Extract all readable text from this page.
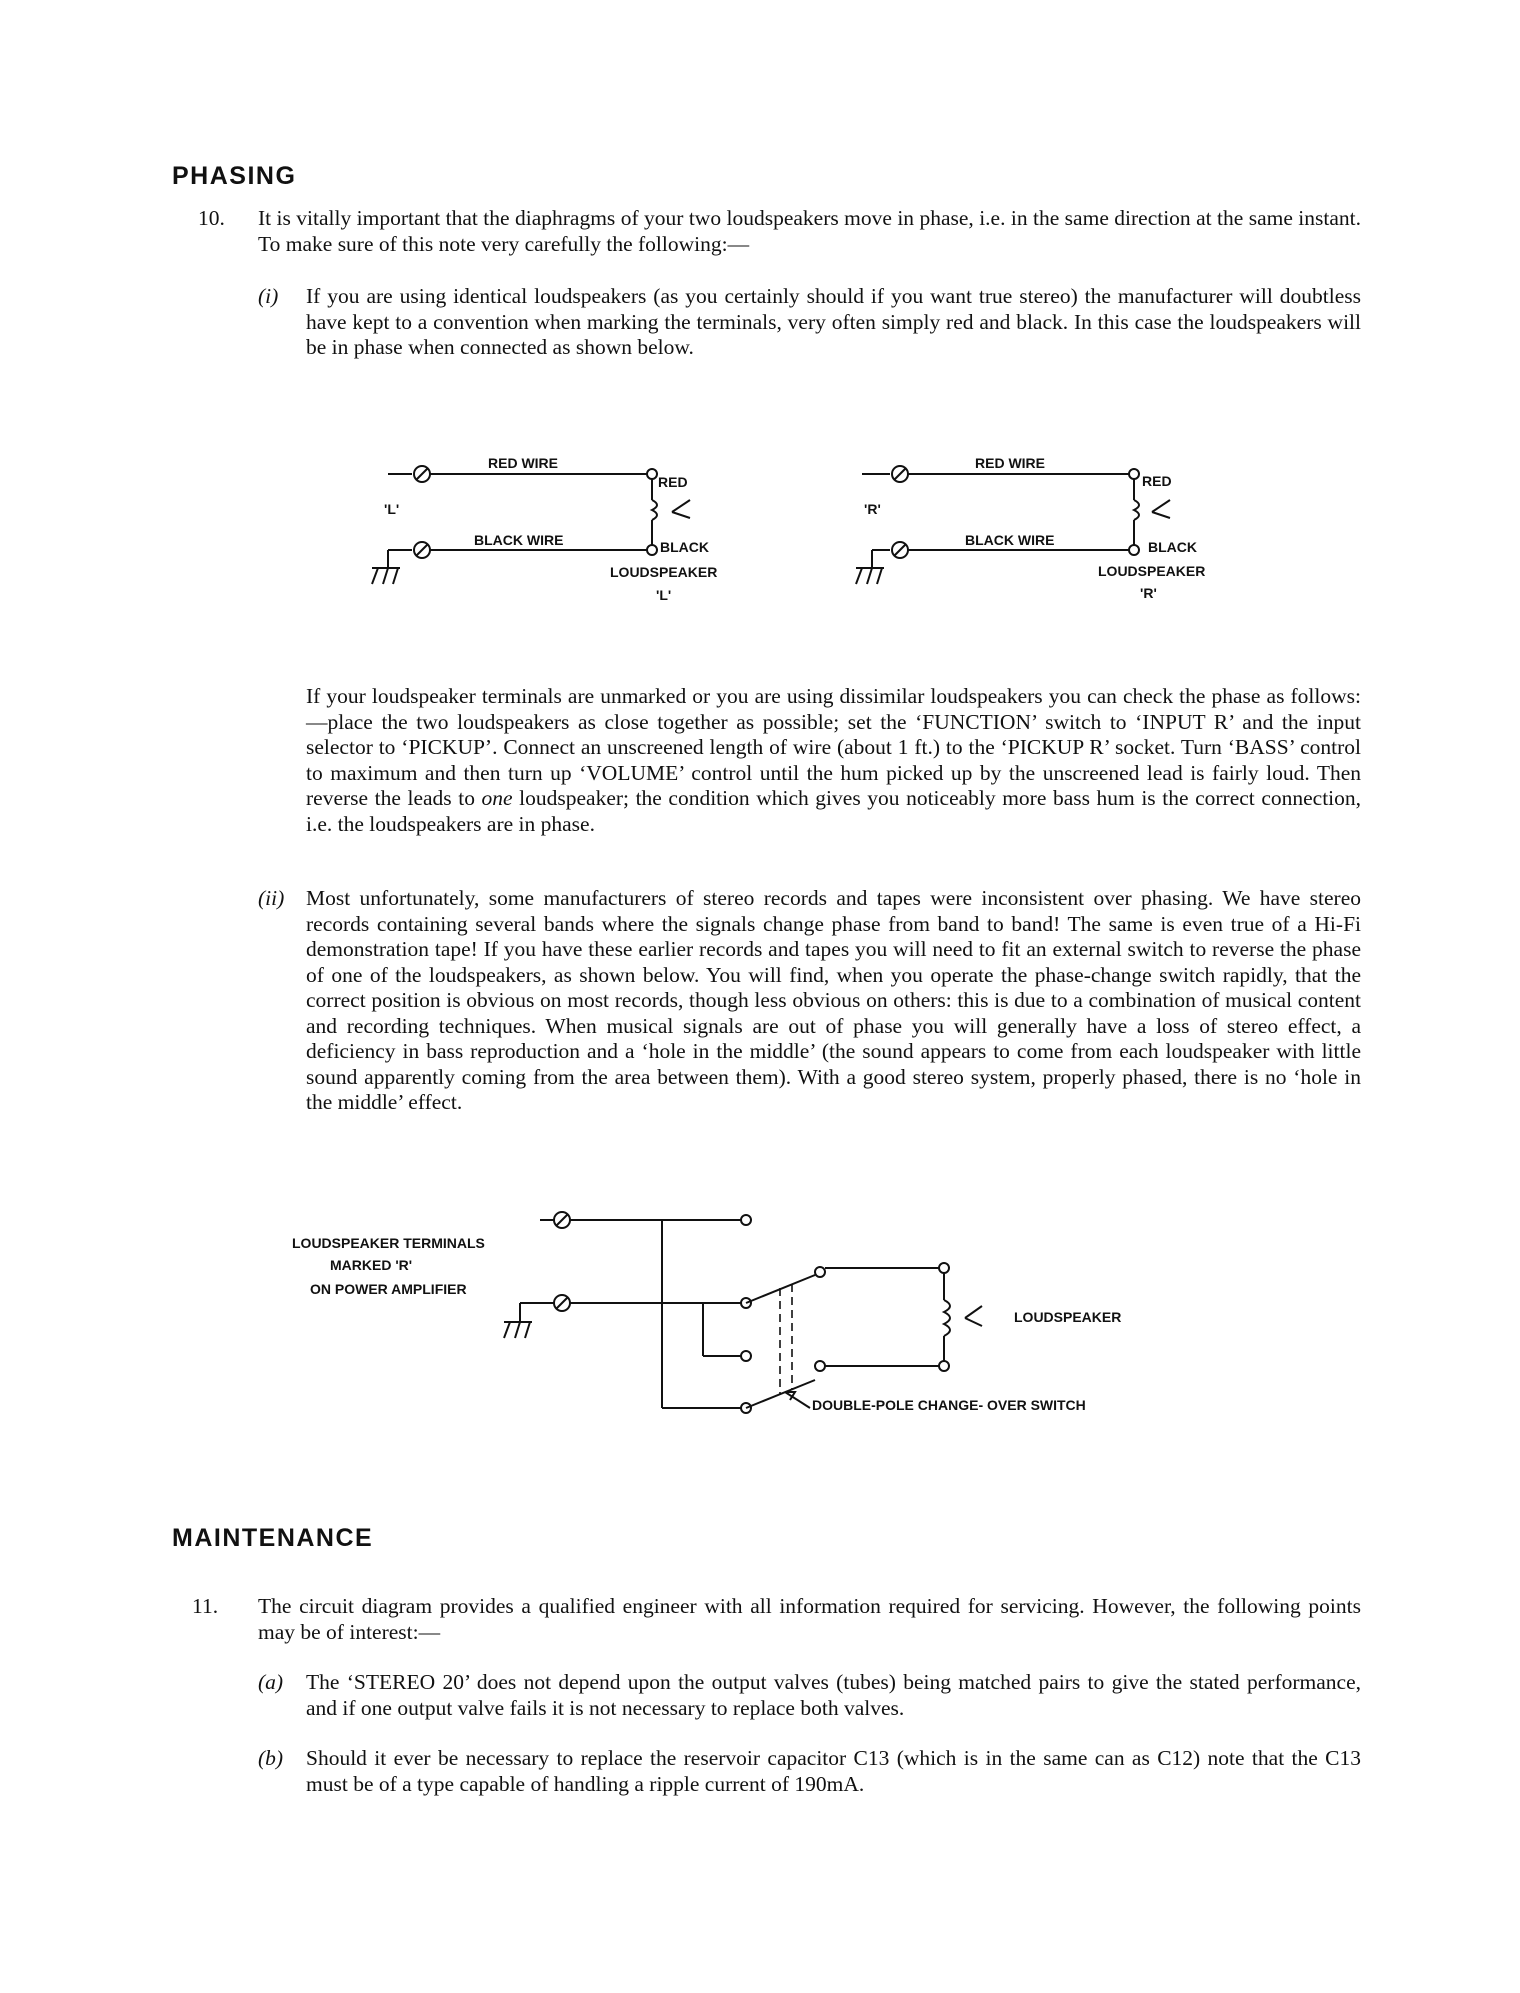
PHASING
10. It is vitally important that the diaphragms of your two loudspeakers move in phase, i.e. in the same direction at the same instant. To make sure of this note very carefully the following:—
(i) If you are using identical loudspeakers (as you certainly should if you want true stereo) the manufacturer will doubtless have kept to a convention when marking the terminals, very often simply red and black. In this case the loudspeakers will be in phase when connected as shown below.
RED WIRE
BLACK WIRE
RED
BLACK
'L'
LOUDSPEAKER
'L'
RED WIRE
BLACK WIRE
RED
BLACK
'R'
LOUDSPEAKER
'R'
If your loudspeaker terminals are unmarked or you are using dissimilar loudspeakers you can check the phase as follows:—place the two loudspeakers as close together as possible; set the ‘FUNCTION’ switch to ‘INPUT R’ and the input selector to ‘PICKUP’. Connect an unscreened length of wire (about 1 ft.) to the ‘PICKUP R’ socket. Turn ‘BASS’ control to maximum and then turn up ‘VOLUME’ control until the hum picked up by the unscreened lead is fairly loud. Then reverse the leads to one loudspeaker; the condition which gives you noticeably more bass hum is the correct connection, i.e. the loudspeakers are in phase.
(ii) Most unfortunately, some manufacturers of stereo records and tapes were inconsistent over phasing. We have stereo records containing several bands where the signals change phase from band to band! The same is even true of a Hi-Fi demonstration tape! If you have these earlier records and tapes you will need to fit an external switch to reverse the phase of one of the loudspeakers, as shown below. You will find, when you operate the phase-change switch rapidly, that the correct position is obvious on most records, though less obvious on others: this is due to a combination of musical content and recording techniques. When musical signals are out of phase you will generally have a loss of stereo effect, a deficiency in bass reproduction and a ‘hole in the middle’ (the sound appears to come from each loudspeaker with little sound apparently coming from the area between them). With a good stereo system, properly phased, there is no ‘hole in the middle’ effect.
LOUDSPEAKER TERMINALS
MARKED 'R'
ON POWER AMPLIFIER
LOUDSPEAKER
DOUBLE-POLE CHANGE- OVER SWITCH
MAINTENANCE
11. The circuit diagram provides a qualified engineer with all information required for servicing. However, the following points may be of interest:—
(a) The ‘STEREO 20’ does not depend upon the output valves (tubes) being matched pairs to give the stated performance, and if one output valve fails it is not necessary to replace both valves.
(b) Should it ever be necessary to replace the reservoir capacitor C13 (which is in the same can as C12) note that the C13 must be of a type capable of handling a ripple current of 190mA.
